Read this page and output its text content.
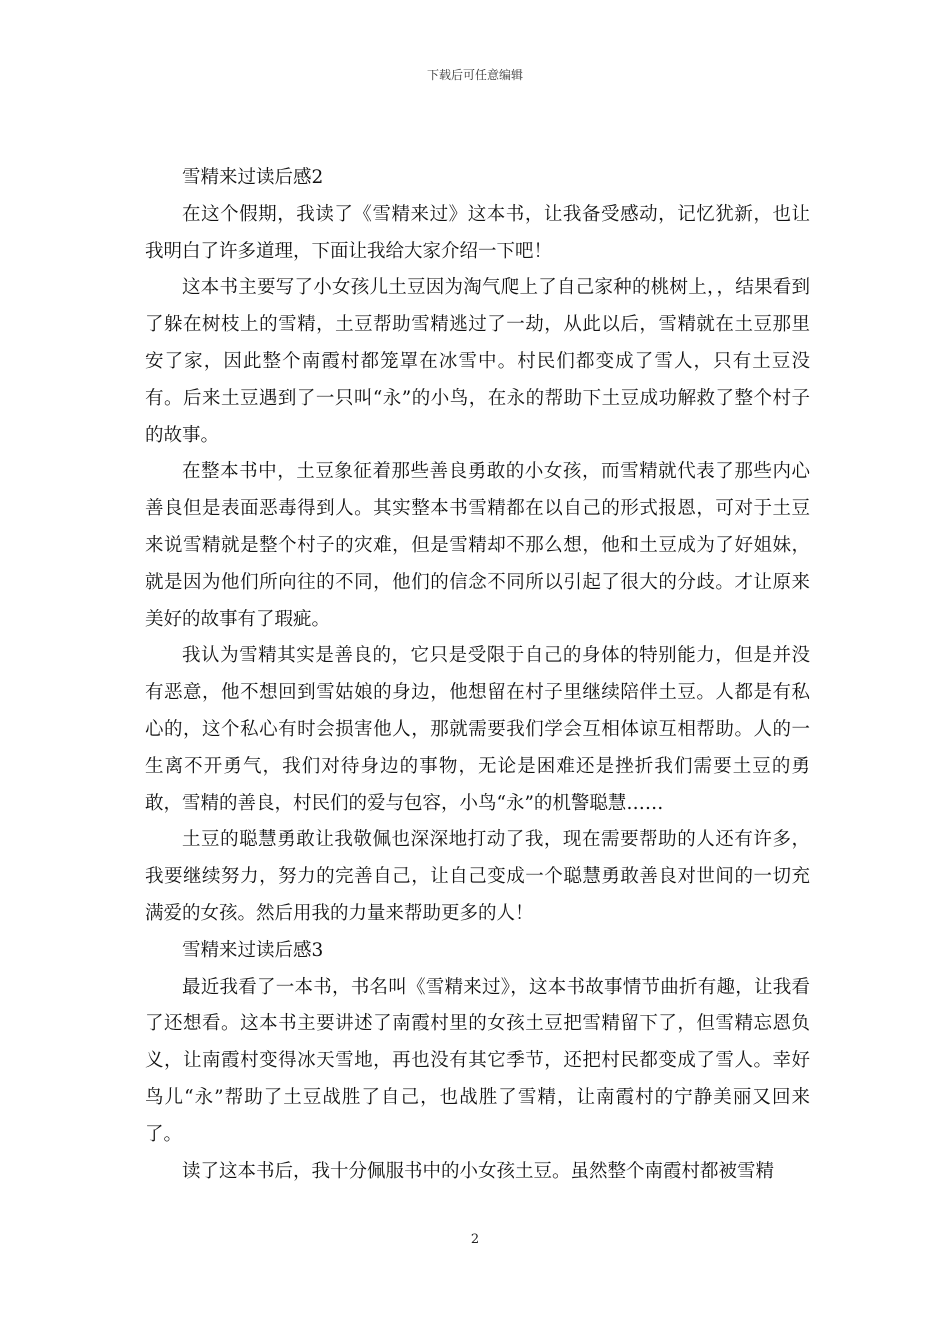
下载后可任意编辑

雪精来过读后感2

在这个假期，我读了《雪精来过》这本书，让我备受感动，记忆犹新，也让我明白了许多道理，下面让我给大家介绍一下吧！

这本书主要写了小女孩儿土豆因为淘气爬上了自己家种的桃树上，，结果看到了躲在树枝上的雪精，土豆帮助雪精逃过了一劫，从此以后，雪精就在土豆那里安了家，因此整个南霞村都笼罩在冰雪中。村民们都变成了雪人，只有土豆没有。后来土豆遇到了一只叫“永”的小鸟，在永的帮助下土豆成功解救了整个村子的故事。

在整本书中，土豆象征着那些善良勇敢的小女孩，而雪精就代表了那些内心善良但是表面恶毒得到人。其实整本书雪精都在以自己的形式报恩，可对于土豆来说雪精就是整个村子的灾难，但是雪精却不那么想，他和土豆成为了好姐妹，就是因为他们所向往的不同，他们的信念不同所以引起了很大的分歧。才让原来美好的故事有了瑕疵。

我认为雪精其实是善良的，它只是受限于自己的身体的特别能力，但是并没有恶意，他不想回到雪姑娘的身边，他想留在村子里继续陪伴土豆。人都是有私心的，这个私心有时会损害他人，那就需要我们学会互相体谅互相帮助。人的一生离不开勇气，我们对待身边的事物，无论是困难还是挫折我们需要土豆的勇敢，雪精的善良，村民们的爱与包容，小鸟“永”的机警聪慧……

土豆的聪慧勇敢让我敬佩也深深地打动了我，现在需要帮助的人还有许多，我要继续努力，努力的完善自己，让自己变成一个聪慧勇敢善良对世间的一切充满爱的女孩。然后用我的力量来帮助更多的人！

雪精来过读后感3

最近我看了一本书，书名叫《雪精来过》，这本书故事情节曲折有趣，让我看了还想看。这本书主要讲述了南霞村里的女孩土豆把雪精留下了，但雪精忘恩负义，让南霞村变得冰天雪地，再也没有其它季节，还把村民都变成了雪人。幸好鸟儿“永”帮助了土豆战胜了自己，也战胜了雪精，让南霞村的宁静美丽又回来了。

读了这本书后，我十分佩服书中的小女孩土豆。虽然整个南霞村都被雪精

2
